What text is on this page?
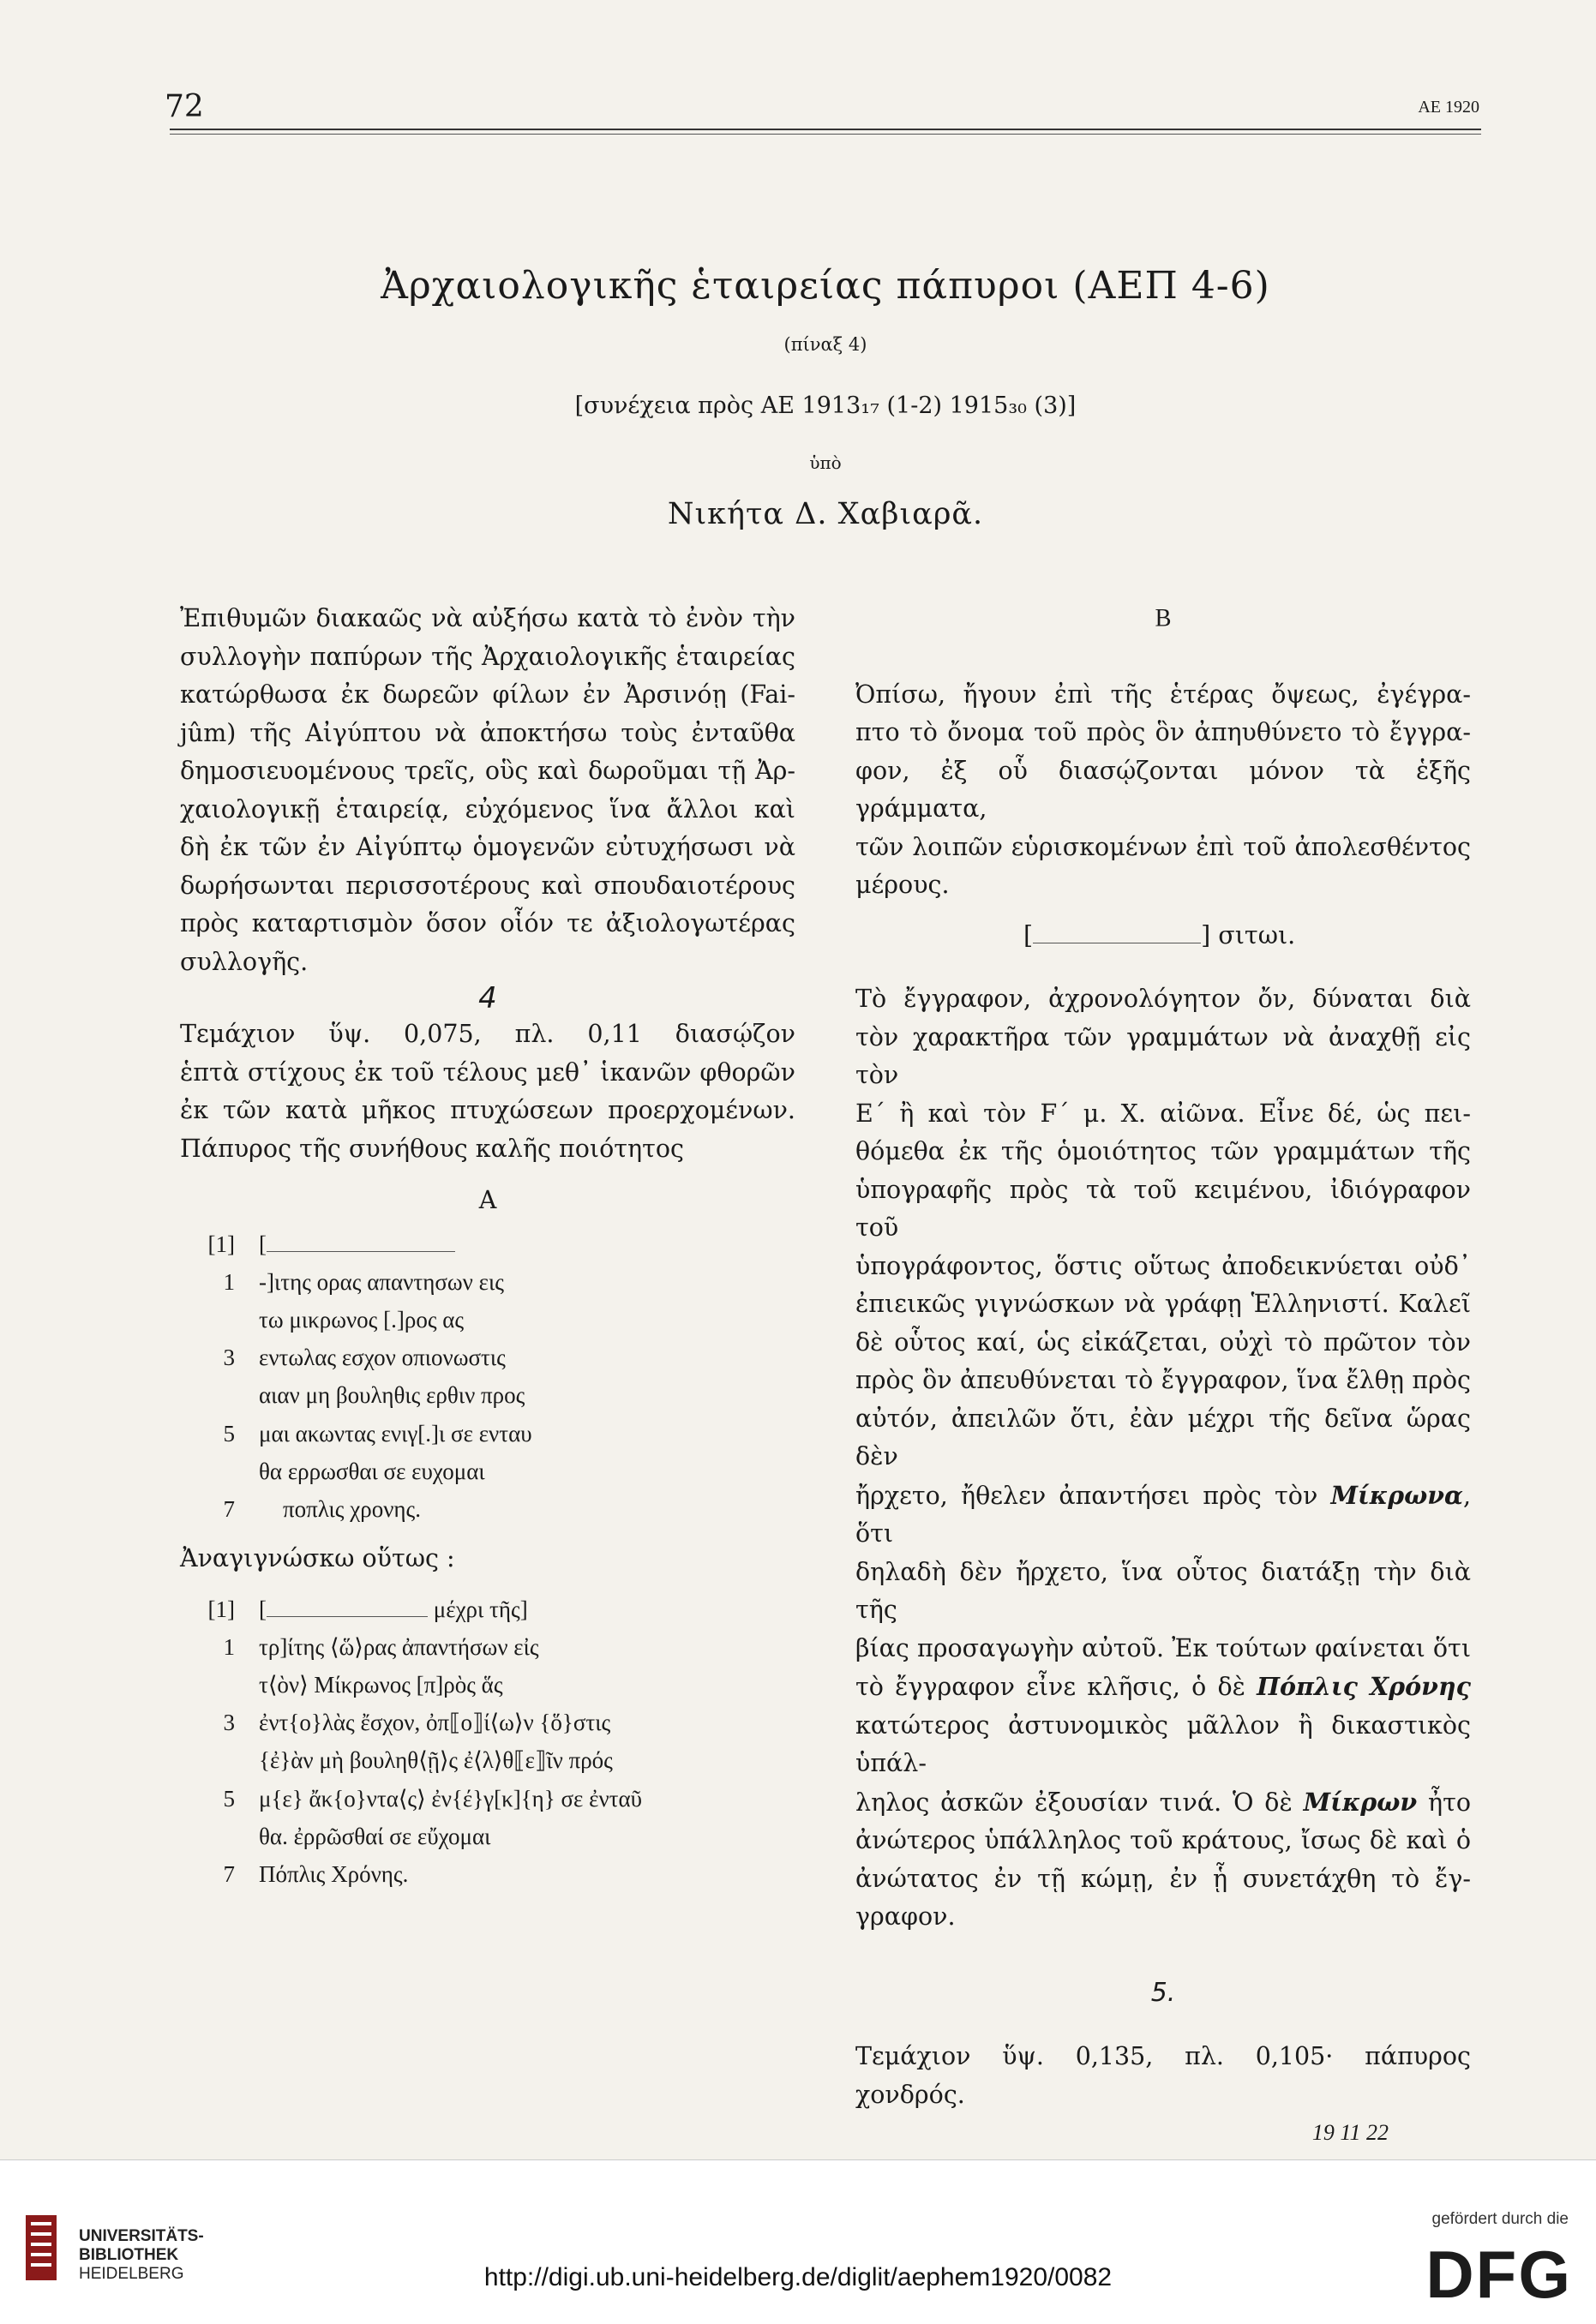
72	ΑΕ 1920
Ἀρχαιολογικῆς ἑταιρείας πάπυροι (ΑΕΠ 4-6)
(πίναξ 4)
[συνέχεια πρὸς ΑΕ 1913₁₇ (1-2) 1915₃₀ (3)]
ὑπὸ
Νικήτα Δ. Χαβιαρᾶ.

Ἐπιθυμῶν διακαῶς νὰ αὐξήσω κατὰ τὸ ἐνὸν τὴν

συλλογὴν παπύρων τῆς Ἀρχαιολογικῆς ἑταιρείας

κατώρθωσα ἐκ δωρεῶν φίλων ἐν Ἀρσινόῃ (Fai-

jûm) τῆς Αἰγύπτου νὰ ἀποκτήσω τοὺς ἐνταῦθα

δημοσιευομένους τρεῖς, οὓς καὶ δωροῦμαι τῇ Ἀρ-

χαιολογικῇ ἑταιρείᾳ, εὐχόμενος ἵνα ἄλλοι καὶ

δὴ ἐκ τῶν ἐν Αἰγύπτῳ ὁμογενῶν εὐτυχήσωσι νὰ

δωρήσωνται περισσοτέρους καὶ σπουδαιοτέρους

πρὸς καταρτισμὸν ὅσον οἷόν τε ἀξιολογωτέρας

συλλογῆς.

4

Τεμάχιον ὕψ. 0,075, πλ. 0,11 διασῴζον

ἑπτὰ στίχους ἐκ τοῦ τέλους μεθ᾽ ἱκανῶν φθορῶν

ἐκ τῶν κατὰ μῆκος πτυχώσεων προερχομένων.

Πάπυρος τῆς συνήθους καλῆς ποιότητος

Α

[1]	[
1	-]ιτης ορας απαντησων εις
τω μικρωνος [.]ρος ας
3	εντωλας εσχον οπιονωστις
αιαν μη βουληθις ερθιν προς
5	μαι ακωντας ενιγ[.]ι σε ενταυ
θα ερρωσθαι σε ευχομαι
7	ποπλις χρονης.

Ἀναγιγνώσκω οὕτως :

[1]	[	μέχρι τῆς]
1	τρ]ίτης ⟨ὥ⟩ρας ἀπαντήσων εἰς
τ⟨ὸν⟩ Μίκρωνος [π]ρὸς ἅς
3	ἐντ{ο}λὰς ἔσχον, ὀπ⟦ο⟧ί⟨ω⟩ν {ὅ}στις
{ἐ}ὰν μὴ βουληθ⟨ῇ⟩ς ἐ⟨λ⟩θ⟦ε⟧ῖν πρός
5	μ{ε} ἄκ{ο}ντα⟨ς⟩ ἐν{έ}γ[κ]{η} σε ἐνταῦ
θα. ἐρρῶσθαί σε εὔχομαι
7	Πόπλις Χρόνης.

Β

Ὀπίσω, ἤγουν ἐπὶ τῆς ἑτέρας ὄψεως, ἐγέγρα-

πτο τὸ ὄνομα τοῦ πρὸς ὃν ἀπηυθύνετο τὸ ἔγγρα-

φον, ἐξ οὗ διασῴζονται μόνον τὰ ἑξῆς γράμματα,

τῶν λοιπῶν εὑρισκομένων ἐπὶ τοῦ ἀπολεσθέντος

μέρους.

[	] σιτωι.

Τὸ ἔγγραφον, ἀχρονολόγητον ὄν, δύναται διὰ

τὸν χαρακτῆρα τῶν γραμμάτων νὰ ἀναχθῇ εἰς τὸν

Ε´ ἢ καὶ τὸν F´ μ. Χ. αἰῶνα. Εἶνε δέ, ὡς πει-

θόμεθα ἐκ τῆς ὁμοιότητος τῶν γραμμάτων τῆς

ὑπογραφῆς πρὸς τὰ τοῦ κειμένου, ἰδιόγραφον τοῦ

ὑπογράφοντος, ὅστις οὕτως ἀποδεικνύεται οὐδ᾽

ἐπιεικῶς γιγνώσκων νὰ γράφῃ Ἑλληνιστί. Καλεῖ

δὲ οὗτος καί, ὡς εἰκάζεται, οὐχὶ τὸ πρῶτον τὸν

πρὸς ὃν ἀπευθύνεται τὸ ἔγγραφον, ἵνα ἔλθῃ πρὸς

αὐτόν, ἀπειλῶν ὅτι, ἐὰν μέχρι τῆς δεῖνα ὥρας δὲν

ἤρχετο, ἤθελεν ἀπαντήσει πρὸς τὸν Μίκρωνα, ὅτι

δηλαδὴ δὲν ἤρχετο, ἵνα οὗτος διατάξῃ τὴν διὰ τῆς

βίας προσαγωγὴν αὐτοῦ. Ἐκ τούτων φαίνεται ὅτι

τὸ ἔγγραφον εἶνε κλῆσις, ὁ δὲ Πόπλις Χρόνης

κατώτερος ἀστυνομικὸς μᾶλλον ἢ δικαστικὸς ὑπάλ-

ληλος ἀσκῶν ἐξουσίαν τινά. Ὁ δὲ Μίκρων ἦτο

ἀνώτερος ὑπάλληλος τοῦ κράτους, ἴσως δὲ καὶ ὁ

ἀνώτατος ἐν τῇ κώμῃ, ἐν ᾗ συνετάχθη τὸ ἔγ-

γραφον.

5.

Τεμάχιον ὕψ. 0,135, πλ. 0,105· πάπυρος

χονδρός.

19 11 22

UNIVERSITÄTS-
BIBLIOTHEK
HEIDELBERG	http://digi.ub.uni-heidelberg.de/diglit/aephem1920/0082
gefördert durch die
DFG
